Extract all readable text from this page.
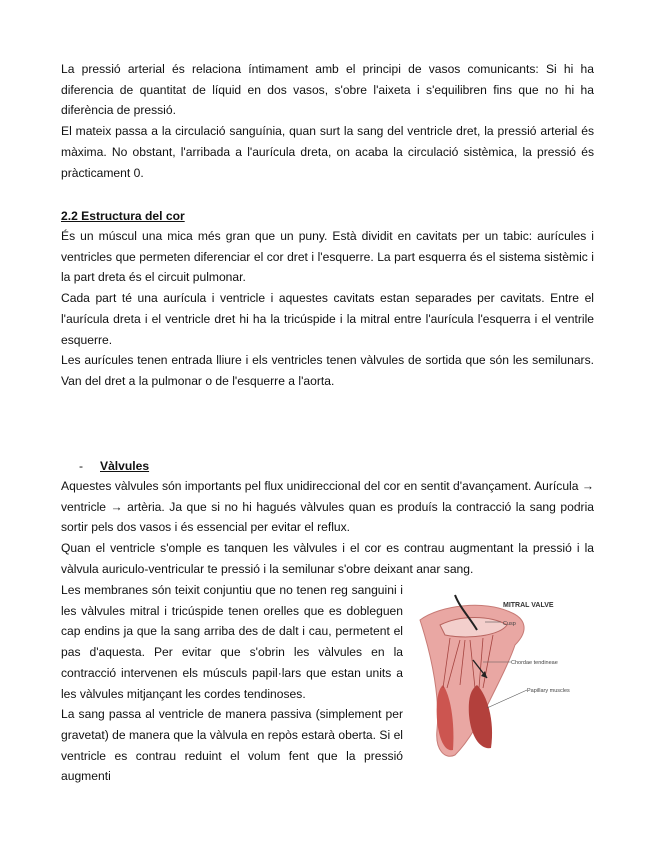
La pressió arterial és relaciona íntimament amb el principi de vasos comunicants: Si hi ha diferencia de quantitat de líquid en dos vasos, s'obre l'aixeta i s'equilibren fins que no hi ha diferència de pressió.

El mateix passa a la circulació sanguínia, quan surt la sang del ventricle dret, la pressió arterial és màxima. No obstant, l'arribada a l'aurícula dreta, on acaba la circulació sistèmica, la pressió és pràcticament 0.

2.2 Estructura del cor

És un múscul una mica més gran que un puny. Està dividit en cavitats per un tabic: aurícules i ventricles que permeten diferenciar el cor dret i l'esquerre. La part esquerra és el sistema sistèmic i la part dreta és el circuit pulmonar.

Cada part té una aurícula i ventricle i aquestes cavitats estan separades per cavitats. Entre el l'aurícula dreta i el ventricle dret hi ha la tricúspide i la mitral entre l'aurícula l'esquerra i el ventrile esquerre.

Les aurícules tenen entrada lliure i els ventricles tenen vàlvules de sortida que són les semilunars. Van del dret a la pulmonar o de l'esquerre a l'aorta.

- Vàlvules

Aquestes vàlvules són importants pel flux unidireccional del cor en sentit d'avançament. Aurícula → ventricle → artèria. Ja que si no hi hagués vàlvules quan es produís la contracció la sang podria sortir pels dos vasos i és essencial per evitar el reflux.

Quan el ventricle s'omple es tanquen les vàlvules i el cor es contrau augmentant la pressió i la vàlvula auriculo-ventricular te pressió i la semilunar s'obre deixant anar sang.

Les membranes són teixit conjuntiu que no tenen reg sanguini i les vàlvules mitral i tricúspide tenen orelles que es dobleguen cap endins ja que la sang arriba des de dalt i cau, permetent el pas d'aquesta. Per evitar que s'obrin les vàlvules en la contracció intervenen els músculs papil·lars que estan units a les vàlvules mitjançant les cordes tendinoses.

La sang passa al ventricle de manera passiva (simplement per gravetat) de manera que la vàlvula en repòs estarà oberta. Si el ventricle es contrau reduint el volum fent que la pressió augmenti

MITRAL VALVE
Cusp
Chordae tendineae
Papillary muscles
